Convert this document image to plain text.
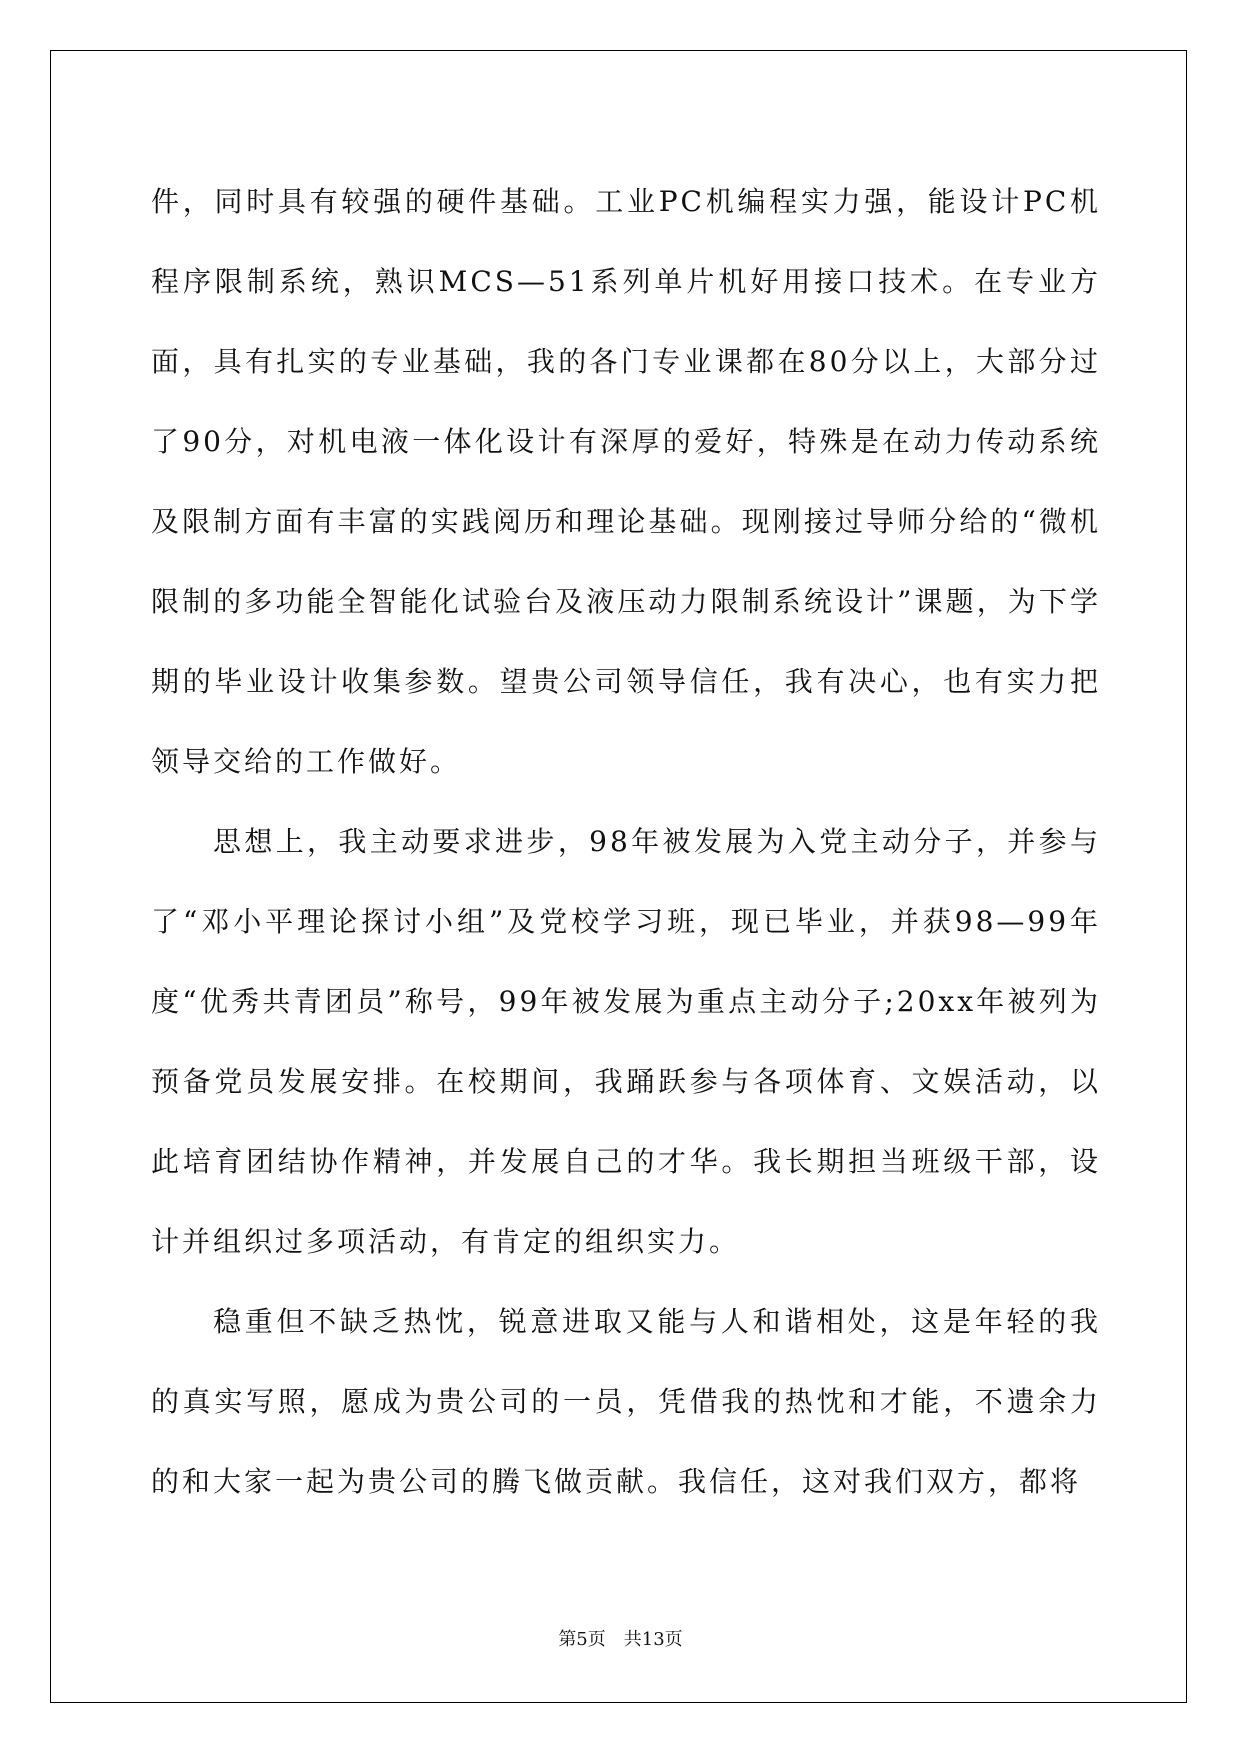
件，同时具有较强的硬件基础。工业PC机编程实力强，能设计PC机程序限制系统，熟识MCS—51系列单片机好用接口技术。在专业方面，具有扎实的专业基础，我的各门专业课都在80分以上，大部分过了90分，对机电液一体化设计有深厚的爱好，特殊是在动力传动系统及限制方面有丰富的实践阅历和理论基础。现刚接过导师分给的“微机限制的多功能全智能化试验台及液压动力限制系统设计”课题，为下学期的毕业设计收集参数。望贵公司领导信任，我有决心，也有实力把领导交给的工作做好。

思想上，我主动要求进步，98年被发展为入党主动分子，并参与了“邓小平理论探讨小组”及党校学习班，现已毕业，并获98—99年度“优秀共青团员”称号，99年被发展为重点主动分子;20xx年被列为预备党员发展安排。在校期间，我踊跃参与各项体育、文娱活动，以此培育团结协作精神，并发展自己的才华。我长期担当班级干部，设计并组织过多项活动，有肯定的组织实力。

稳重但不缺乏热忱，锐意进取又能与人和谐相处，这是年轻的我的真实写照，愿成为贵公司的一员，凭借我的热忱和才能，不遗余力的和大家一起为贵公司的腾飞做贡献。我信任，这对我们双方，都将

第5页 共13页
